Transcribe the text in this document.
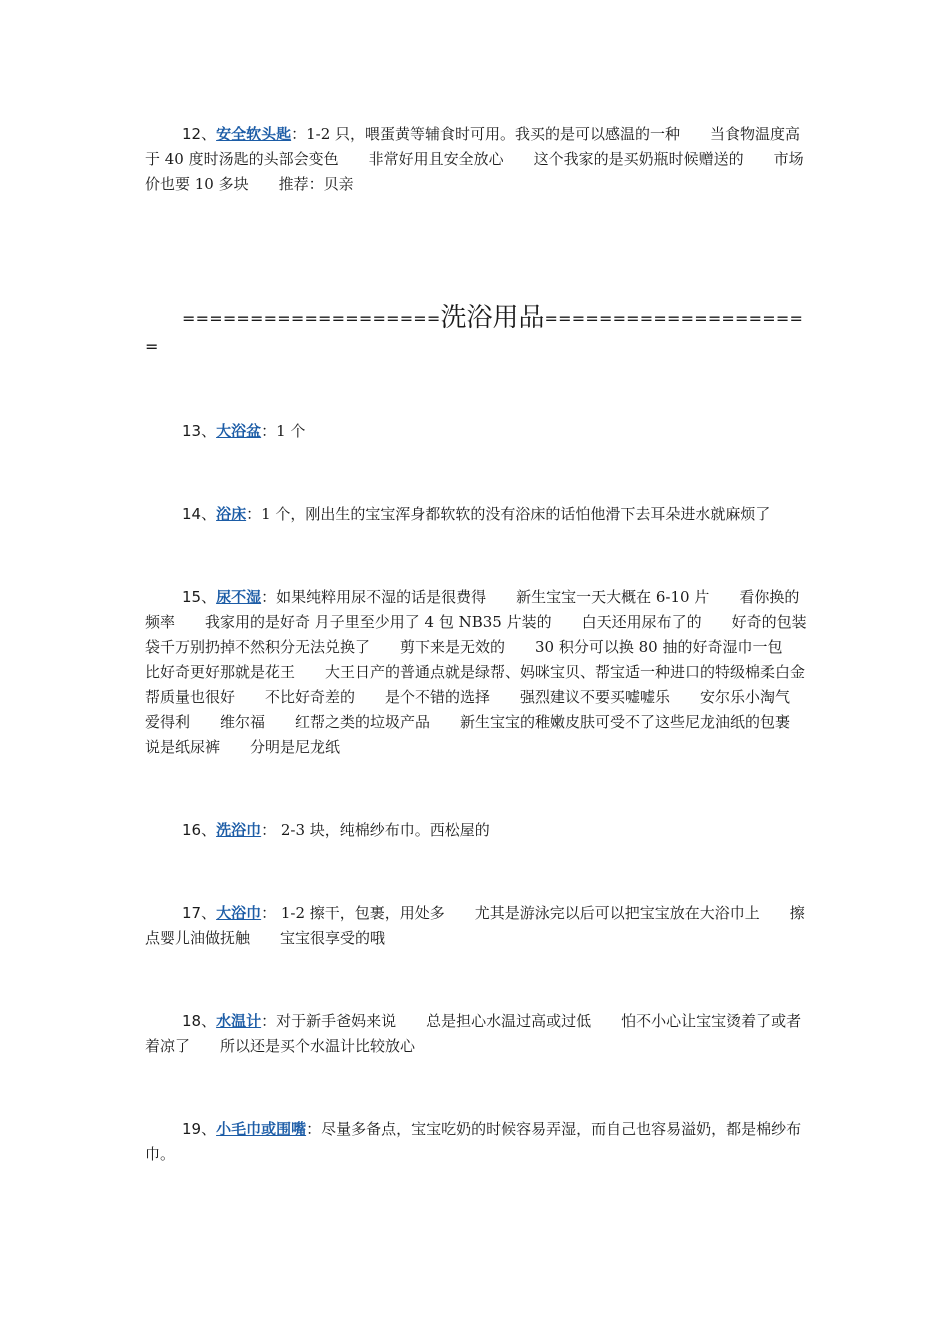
12、安全软头匙：1-2 只，喂蛋黄等辅食时可用。我买的是可以感温的一种　　当食物温度高于 40 度时汤匙的头部会变色　　非常好用且安全放心　　这个我家的是买奶瓶时候赠送的　　市场价也要 10 多块　　推荐：贝亲

===================洗浴用品====================

13、大浴盆：1 个

14、浴床：1 个，刚出生的宝宝浑身都软软的没有浴床的话怕他滑下去耳朵进水就麻烦了

15、尿不湿：如果纯粹用尿不湿的话是很费得　　新生宝宝一天大概在 6-10 片　　看你换的频率　　我家用的是好奇 月子里至少用了 4 包 NB35 片装的　　白天还用尿布了的　　好奇的包装袋千万别扔掉不然积分无法兑换了　　剪下来是无效的　　30 积分可以换 80 抽的好奇湿巾一包　　比好奇更好那就是花王　　大王日产的普通点就是绿帮、妈咪宝贝、帮宝适一种进口的特级棉柔白金帮质量也很好　　不比好奇差的　　是个不错的选择　　强烈建议不要买嘘嘘乐　　安尔乐小淘气　爱得利　　维尔福　　红帮之类的垃圾产品　　新生宝宝的稚嫩皮肤可受不了这些尼龙油纸的包裹　　说是纸尿裤　　分明是尼龙纸

16、洗浴巾： 2-3 块，纯棉纱布巾。西松屋的

17、大浴巾： 1-2 擦干，包裹，用处多　　尤其是游泳完以后可以把宝宝放在大浴巾上　　擦点婴儿油做抚触　　宝宝很享受的哦

18、水温计：对于新手爸妈来说　　总是担心水温过高或过低　　怕不小心让宝宝烫着了或者着凉了　　所以还是买个水温计比较放心

19、小毛巾或围嘴：尽量多备点，宝宝吃奶的时候容易弄湿，而自己也容易溢奶，都是棉纱布巾。
